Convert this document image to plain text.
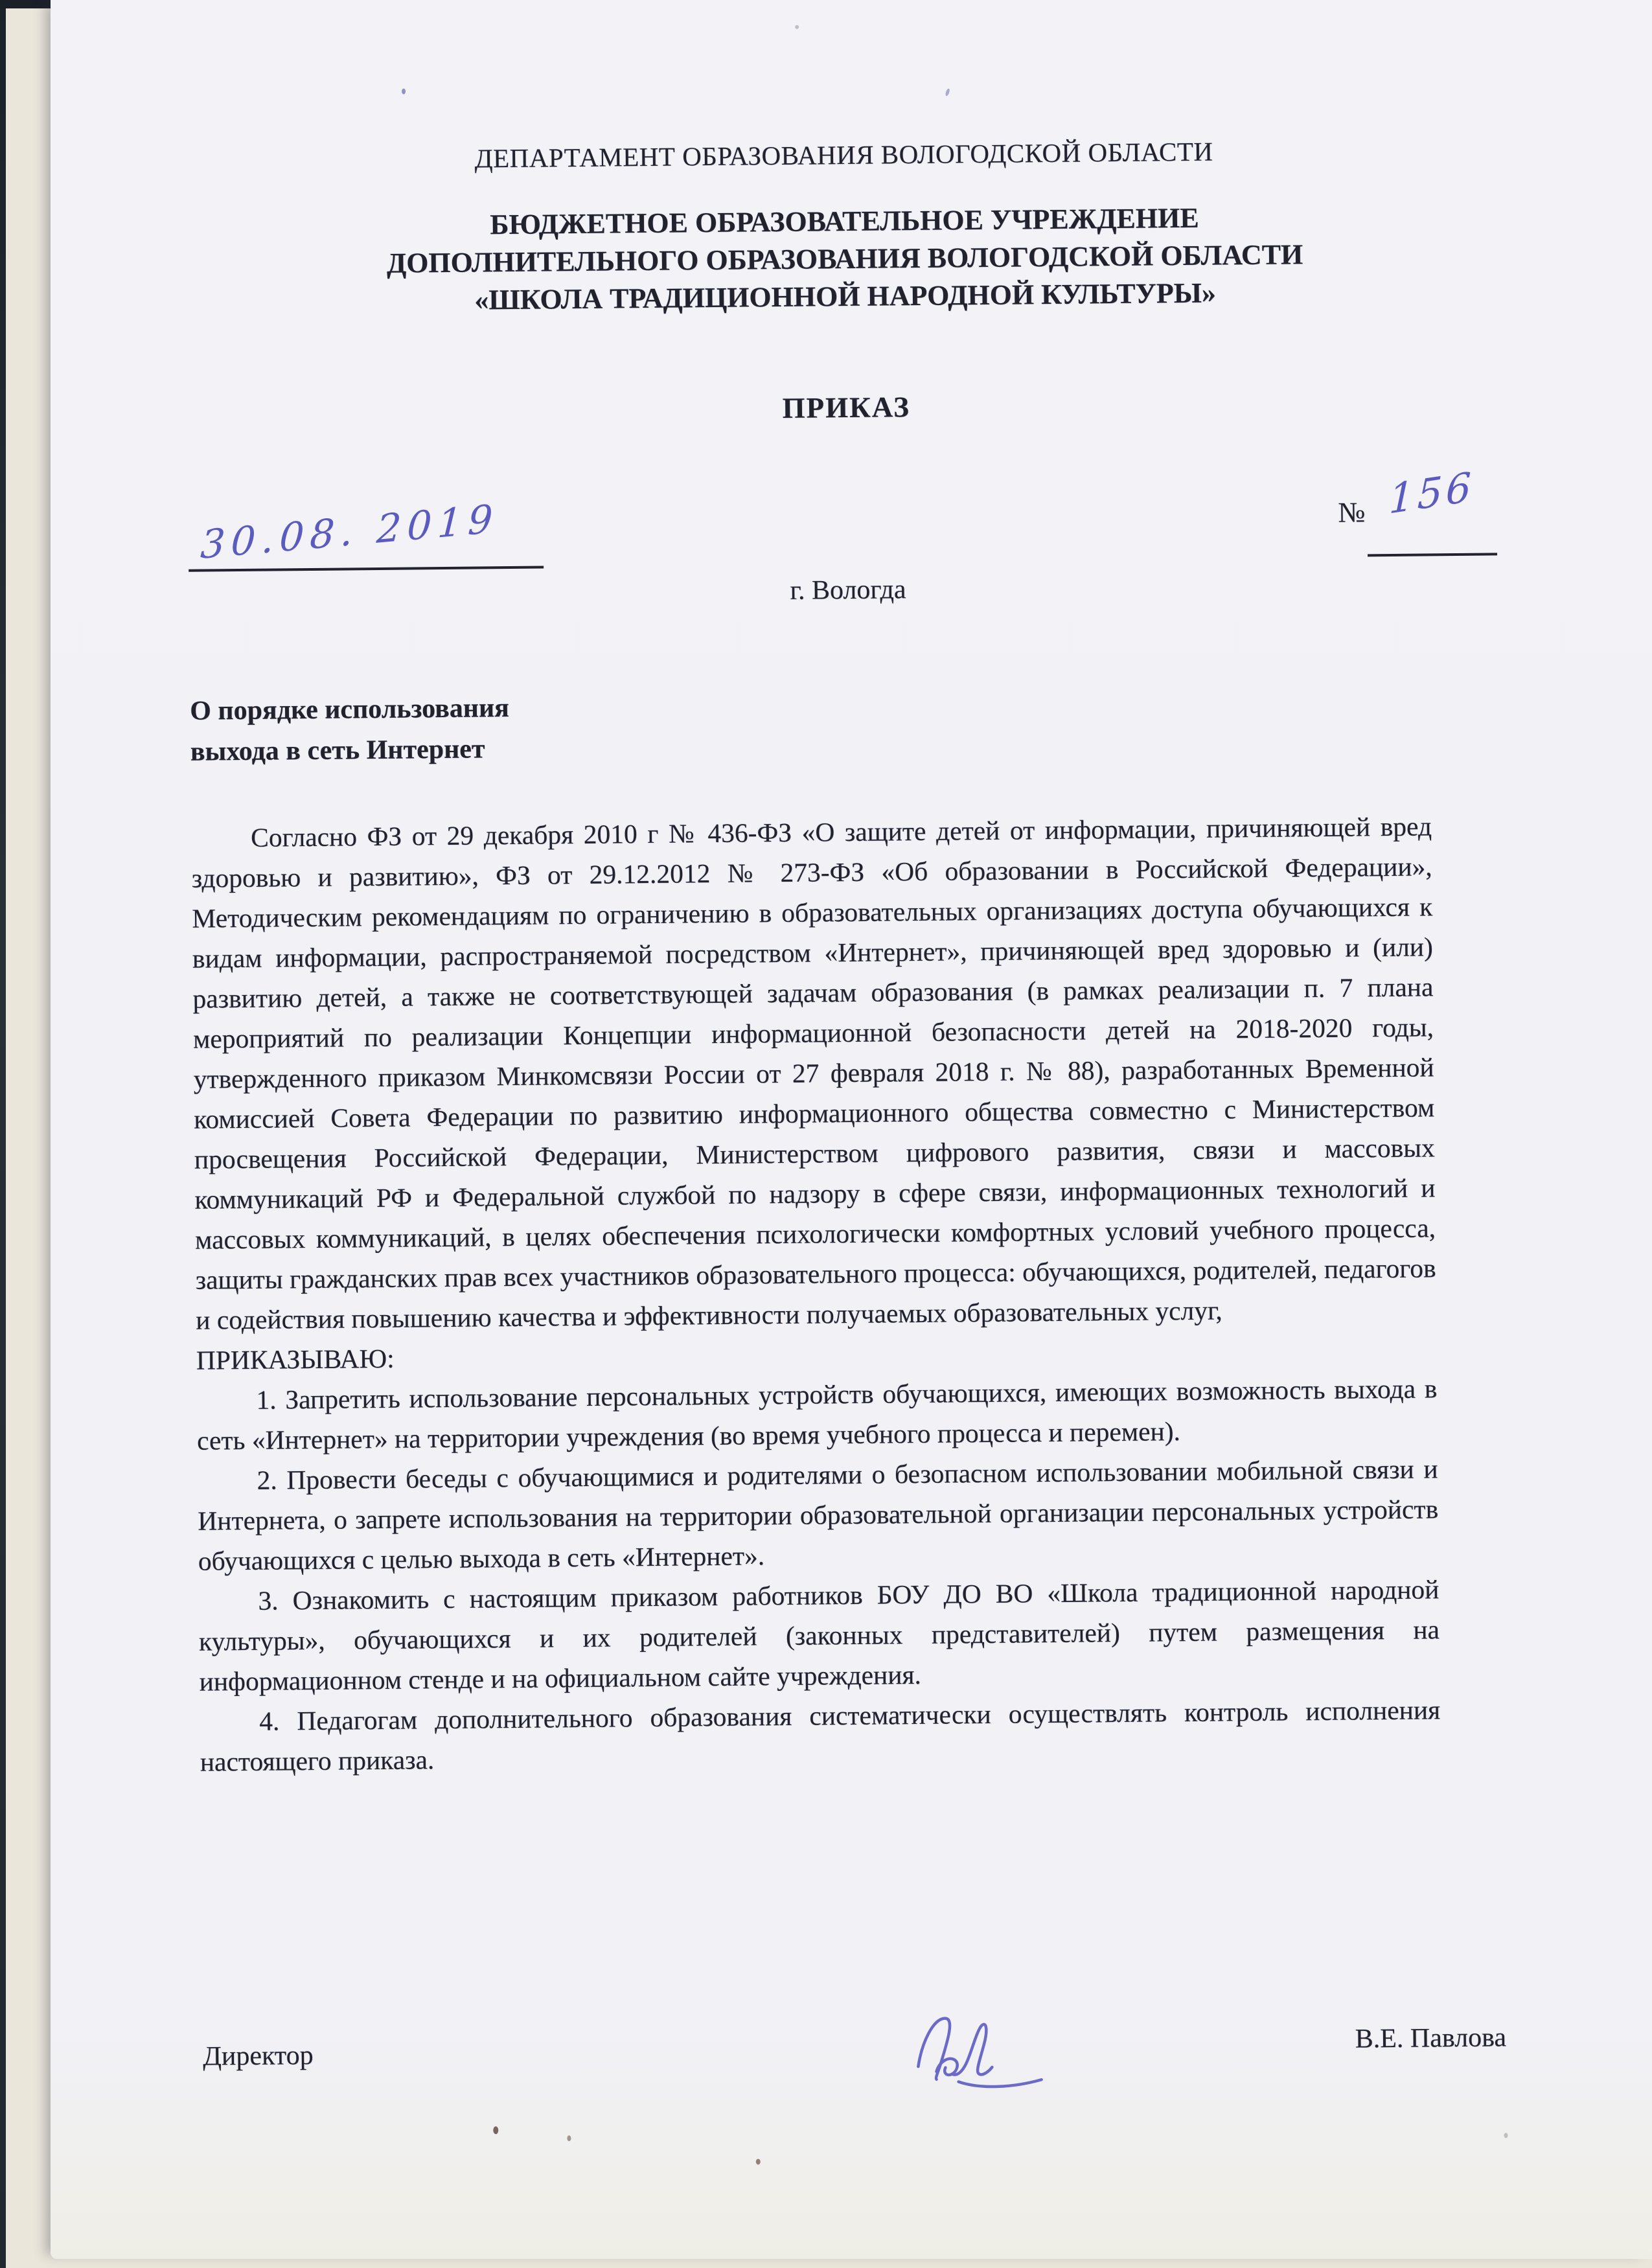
ДЕПАРТАМЕНТ ОБРАЗОВАНИЯ ВОЛОГОДСКОЙ ОБЛАСТИ
БЮДЖЕТНОЕ ОБРАЗОВАТЕЛЬНОЕ УЧРЕЖДЕНИЕ
ДОПОЛНИТЕЛЬНОГО ОБРАЗОВАНИЯ ВОЛОГОДСКОЙ ОБЛАСТИ
«ШКОЛА ТРАДИЦИОННОЙ НАРОДНОЙ КУЛЬТУРЫ»
ПРИКАЗ
30.08. 2019	№ 156
г. Вологда
О порядке использования
выхода в сеть Интернет

Согласно ФЗ от 29 декабря 2010 г № 436-ФЗ «О защите детей от информации, причиняющей вред здоровью и развитию», ФЗ от 29.12.2012 № 273-ФЗ «Об образовании в Российской Федерации», Методическим рекомендациям по ограничению в образовательных организациях доступа обучающихся к видам информации, распространяемой посредством «Интернет», причиняющей вред здоровью и (или) развитию детей, а также не соответствующей задачам образования (в рамках реализации п. 7 плана мероприятий по реализации Концепции информационной безопасности детей на 2018-2020 годы, утвержденного приказом Минкомсвязи России от 27 февраля 2018 г. № 88), разработанных Временной комиссией Совета Федерации по развитию информационного общества совместно с Министерством просвещения Российской Федерации, Министерством цифрового развития, связи и массовых коммуникаций РФ и Федеральной службой по надзору в сфере связи, информационных технологий и массовых коммуникаций, в целях обеспечения психологически комфортных условий учебного процесса, защиты гражданских прав всех участников образовательного процесса: обучающихся, родителей, педагогов и содействия повышению качества и эффективности получаемых образовательных услуг,

ПРИКАЗЫВАЮ:

1. Запретить использование персональных устройств обучающихся, имеющих возможность выхода в сеть «Интернет» на территории учреждения (во время учебного процесса и перемен).

2. Провести беседы с обучающимися и родителями о безопасном использовании мобильной связи и Интернета, о запрете использования на территории образовательной организации персональных устройств обучающихся с целью выхода в сеть «Интернет».

3. Ознакомить с настоящим приказом работников БОУ ДО ВО «Школа традиционной народной культуры», обучающихся и их родителей (законных представителей) путем размещения на информационном стенде и на официальном сайте учреждения.

4. Педагогам дополнительного образования систематически осуществлять контроль исполнения настоящего приказа.

Директор
В.Е. Павлова
